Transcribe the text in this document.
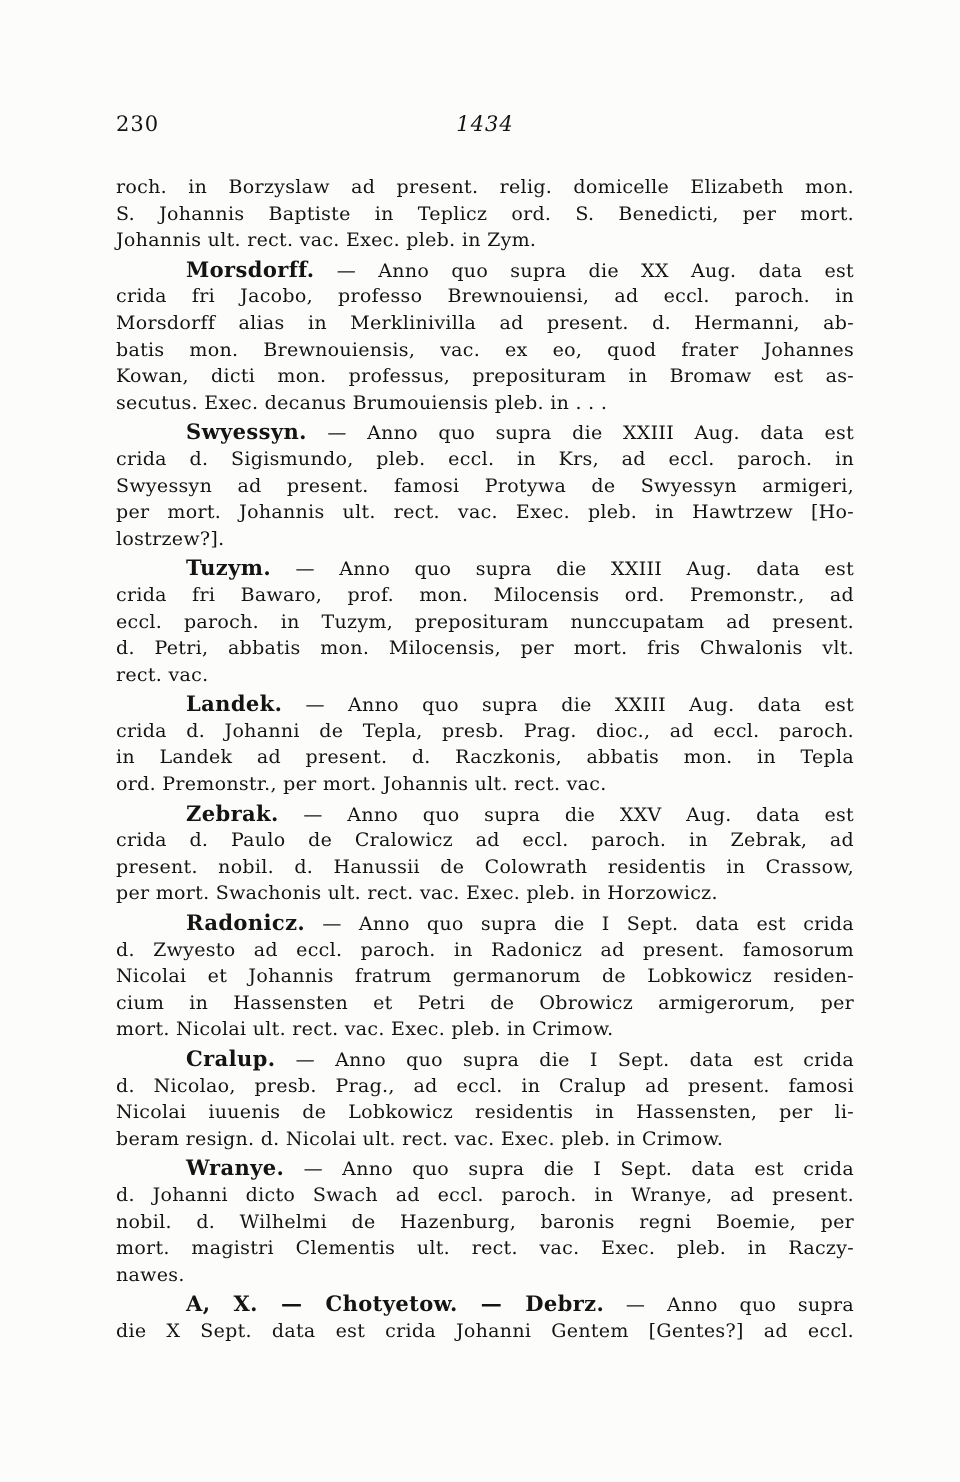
230	1434
roch. in Borzyslaw ad present. relig. domicelle Elizabeth mon.
S. Johannis Baptiste in Teplicz ord. S. Benedicti, per mort.
Johannis ult. rect. vac. Exec. pleb. in Zym.
Morsdorff. — Anno quo supra die XX Aug. data est
crida fri Jacobo, professo Brewnouiensi, ad eccl. paroch. in
Morsdorff alias in Merklinivilla ad present. d. Hermanni, ab-
batis mon. Brewnouiensis, vac. ex eo, quod frater Johannes
Kowan, dicti mon. professus, preposituram in Bromaw est as-
secutus. Exec. decanus Brumouiensis pleb. in . . .
Swyessyn. — Anno quo supra die XXIII Aug. data est
crida d. Sigismundo, pleb. eccl. in Krs, ad eccl. paroch. in
Swyessyn ad present. famosi Protywa de Swyessyn armigeri,
per mort. Johannis ult. rect. vac. Exec. pleb. in Hawtrzew [Ho-
lostrzew?].
Tuzym. — Anno quo supra die XXIII Aug. data est
crida fri Bawaro, prof. mon. Milocensis ord. Premonstr., ad
eccl. paroch. in Tuzym, preposituram nunccupatam ad present.
d. Petri, abbatis mon. Milocensis, per mort. fris Chwalonis vlt.
rect. vac.
Landek. — Anno quo supra die XXIII Aug. data est
crida d. Johanni de Tepla, presb. Prag. dioc., ad eccl. paroch.
in Landek ad present. d. Raczkonis, abbatis mon. in Tepla
ord. Premonstr., per mort. Johannis ult. rect. vac.
Zebrak. — Anno quo supra die XXV Aug. data est
crida d. Paulo de Cralowicz ad eccl. paroch. in Zebrak, ad
present. nobil. d. Hanussii de Colowrath residentis in Crassow,
per mort. Swachonis ult. rect. vac. Exec. pleb. in Horzowicz.
Radonicz. — Anno quo supra die I Sept. data est crida
d. Zwyesto ad eccl. paroch. in Radonicz ad present. famosorum
Nicolai et Johannis fratrum germanorum de Lobkowicz residen-
cium in Hassensten et Petri de Obrowicz armigerorum, per
mort. Nicolai ult. rect. vac. Exec. pleb. in Crimow.
Cralup. — Anno quo supra die I Sept. data est crida
d. Nicolao, presb. Prag., ad eccl. in Cralup ad present. famosi
Nicolai iuuenis de Lobkowicz residentis in Hassensten, per li-
beram resign. d. Nicolai ult. rect. vac. Exec. pleb. in Crimow.
Wranye. — Anno quo supra die I Sept. data est crida
d. Johanni dicto Swach ad eccl. paroch. in Wranye, ad present.
nobil. d. Wilhelmi de Hazenburg, baronis regni Boemie, per
mort. magistri Clementis ult. rect. vac. Exec. pleb. in Raczy-
nawes.
A, X. — Chotyetow. — Debrz. — Anno quo supra
die X Sept. data est crida Johanni Gentem [Gentes?] ad eccl.
